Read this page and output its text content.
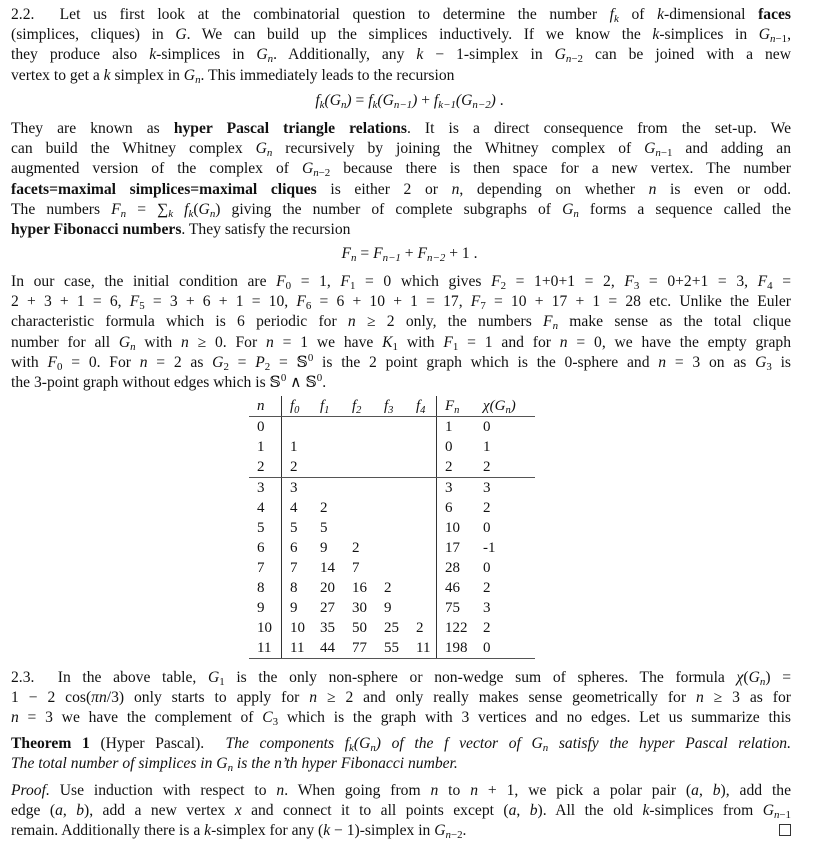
2.2.  Let us first look at the combinatorial question to determine the number $f_k$ of k-dimensional faces
(simplices, cliques) in G. We can build up the simplices inductively. If we know the k-simplices in $G_{n-1}$,
they produce also k-simplices in $G_n$. Additionally, any k − 1-simplex in $G_{n-2}$ can be joined with a new
vertex to get a k simplex in $G_n$. This immediately leads to the recursion
$f_k(G_n) = f_k(G_{n-1}) + f_{k-1}(G_{n-2})$ .
They are known as hyper Pascal triangle relations. It is a direct consequence from the set-up. We
can build the Whitney complex $G_n$ recursively by joining the Whitney complex of $G_{n-1}$ and adding an
augmented version of the complex of $G_{n-2}$ because there is then space for a new vertex. The number
facets=maximal simplices=maximal cliques is either 2 or n, depending on whether n is even or odd.
The numbers $F_n = \sum_k$ $f_k(G_n)$ giving the number of complete subgraphs of $G_n$ forms a sequence called the
hyper Fibonacci numbers. They satisfy the recursion
$F_n = F_{n-1} + F_{n-2} + 1$ .
In our case, the initial condition are $F_0 = 1$, $F_1 = 0$ which gives $F_2 = 1+0+1 = 2$, $F_3 = 0+2+1 = 3$, $F_4$ =
2 + 3 + 1 = 6, $F_5 = 3 + 6 + 1 = 10$, $F_6 = 6 + 10 + 1 = 17$, $F_7 = 10 + 17 + 1 = 28$ etc. Unlike the Euler
characteristic formula which is 6 periodic for n ≥ 2 only, the numbers $F_n$ make sense as the total clique
number for all $G_n$ with n ≥ 0. For n = 1 we have $K_1$ with $F_1 = 1$ and for n = 0, we have the empty graph
with $F_0 = 0$. For n = 2 as $G_2 = P_2$ = 𝕊$^0$ is the 2 point graph which is the 0-sphere and n = 3 on as $G_3$ is
the 3-point graph without edges which is 𝕊$^0$ ∧ 𝕊$^0$.
n	$f_0$	$f_1$	$f_2$	$f_3$	$f_4$	$F_n$	$\chi(G_n)$
0						1	0
1	1					0	1
2	2					2	2
3	3					3	3
4	4	2				6	2
5	5	5				10	0
6	6	9	2			17	-1
7	7	14	7			28	0
8	8	20	16	2		46	2
9	9	27	30	9		75	3
10	10	35	50	25	2	122	2
11	11	44	77	55	11	198	0
2.3.  In the above table, $G_1$ is the only non-sphere or non-wedge sum of spheres. The formula $\chi(G_n)$ =
1 − 2 cos(πn/3) only starts to apply for n ≥ 2 and only really makes sense geometrically for n ≥ 3 as for
n = 3 we have the complement of $C_3$ which is the graph with 3 vertices and no edges. Let us summarize this
Theorem 1 (Hyper Pascal). The components $f_k(G_n)$ of the f vector of $G_n$ satisfy the hyper Pascal relation.
The total number of simplices in $G_n$ is the n’th hyper Fibonacci number.
Proof. Use induction with respect to n. When going from n to n + 1, we pick a polar pair (a, b), add the
edge (a, b), add a new vertex x and connect it to all points except (a, b). All the old k-simplices from $G_{n-1}$
remain. Additionally there is a k-simplex for any (k − 1)-simplex in $G_{n-2}$.
